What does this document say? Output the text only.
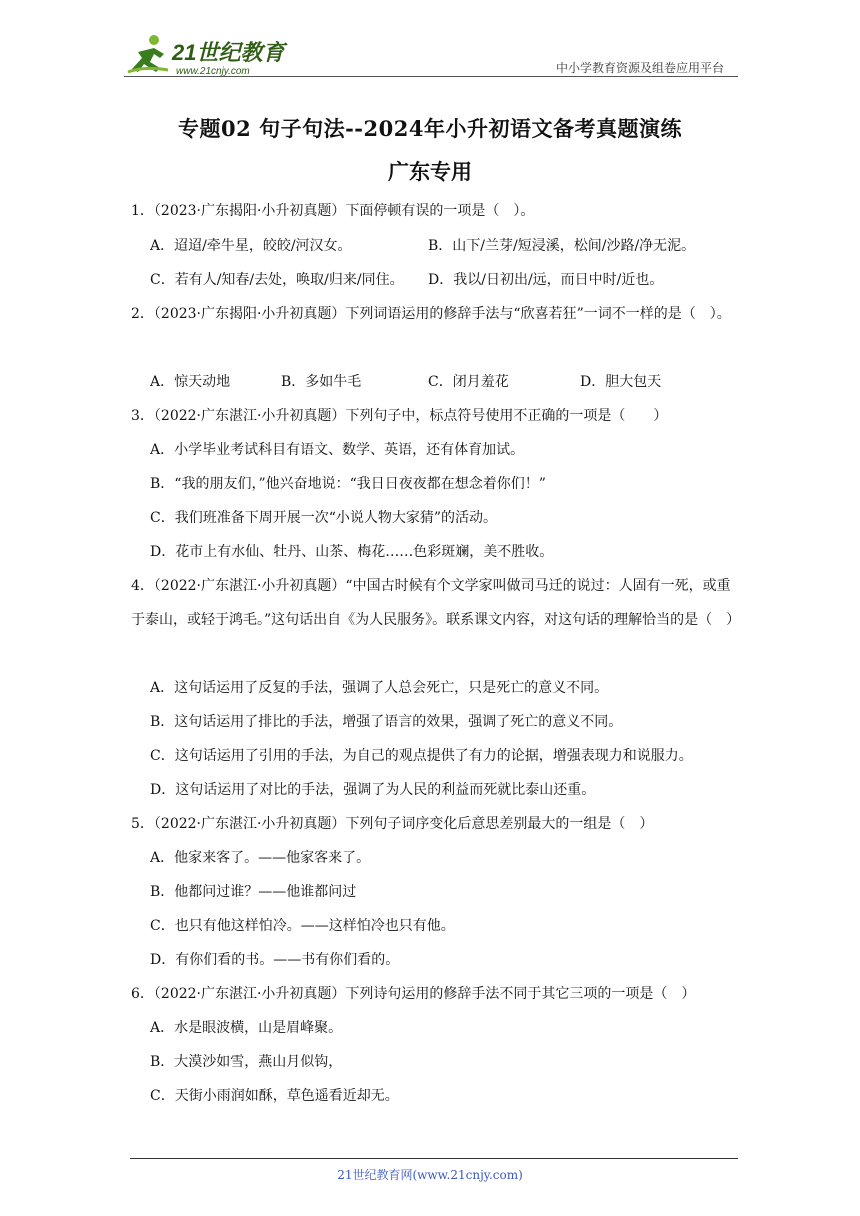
21世纪教育
www.21cnjy.com	中小学教育资源及组卷应用平台
专题02 句子句法--2024年小升初语文备考真题演练
广东专用
1．（2023·广东揭阳·小升初真题）下面停顿有误的一项是（　）。
A．迢迢/牵牛星，皎皎/河汉女。	B．山下/兰芽/短浸溪，松间/沙路/净无泥。
C．若有人/知春/去处，唤取/归来/同住。 D．我以/日初出/远，而日中时/近也。
2．（2023·广东揭阳·小升初真题）下列词语运用的修辞手法与“欣喜若狂”一词不一样的是（　）。
A．惊天动地	B．多如牛毛	C．闭月羞花	D．胆大包天
3．（2022·广东湛江·小升初真题）下列句子中，标点符号使用不正确的一项是（　　）
A．小学毕业考试科目有语文、数学、英语，还有体育加试。
B．“我的朋友们，”他兴奋地说：“我日日夜夜都在想念着你们！”
C．我们班准备下周开展一次“小说人物大家猜”的活动。
D．花市上有水仙、牡丹、山茶、梅花……色彩斑斓，美不胜收。
4．（2022·广东湛江·小升初真题）“中国古时候有个文学家叫做司马迁的说过：人固有一死，或重于泰山，或轻于鸿毛。”这句话出自《为人民服务》。联系课文内容，对这句话的理解恰当的是（　）
A．这句话运用了反复的手法，强调了人总会死亡，只是死亡的意义不同。
B．这句话运用了排比的手法，增强了语言的效果，强调了死亡的意义不同。
C．这句话运用了引用的手法，为自己的观点提供了有力的论据，增强表现力和说服力。
D．这句话运用了对比的手法，强调了为人民的利益而死就比泰山还重。
5．（2022·广东湛江·小升初真题）下列句子词序变化后意思差别最大的一组是（　）
A．他家来客了。——他家客来了。
B．他都问过谁？——他谁都问过
C．也只有他这样怕冷。——这样怕冷也只有他。
D．有你们看的书。——书有你们看的。
6．（2022·广东湛江·小升初真题）下列诗句运用的修辞手法不同于其它三项的一项是（　）
A．水是眼波横，山是眉峰聚。
B．大漠沙如雪，燕山月似钩，
C．天街小雨润如酥，草色遥看近却无。
21世纪教育网(www.21cnjy.com)
